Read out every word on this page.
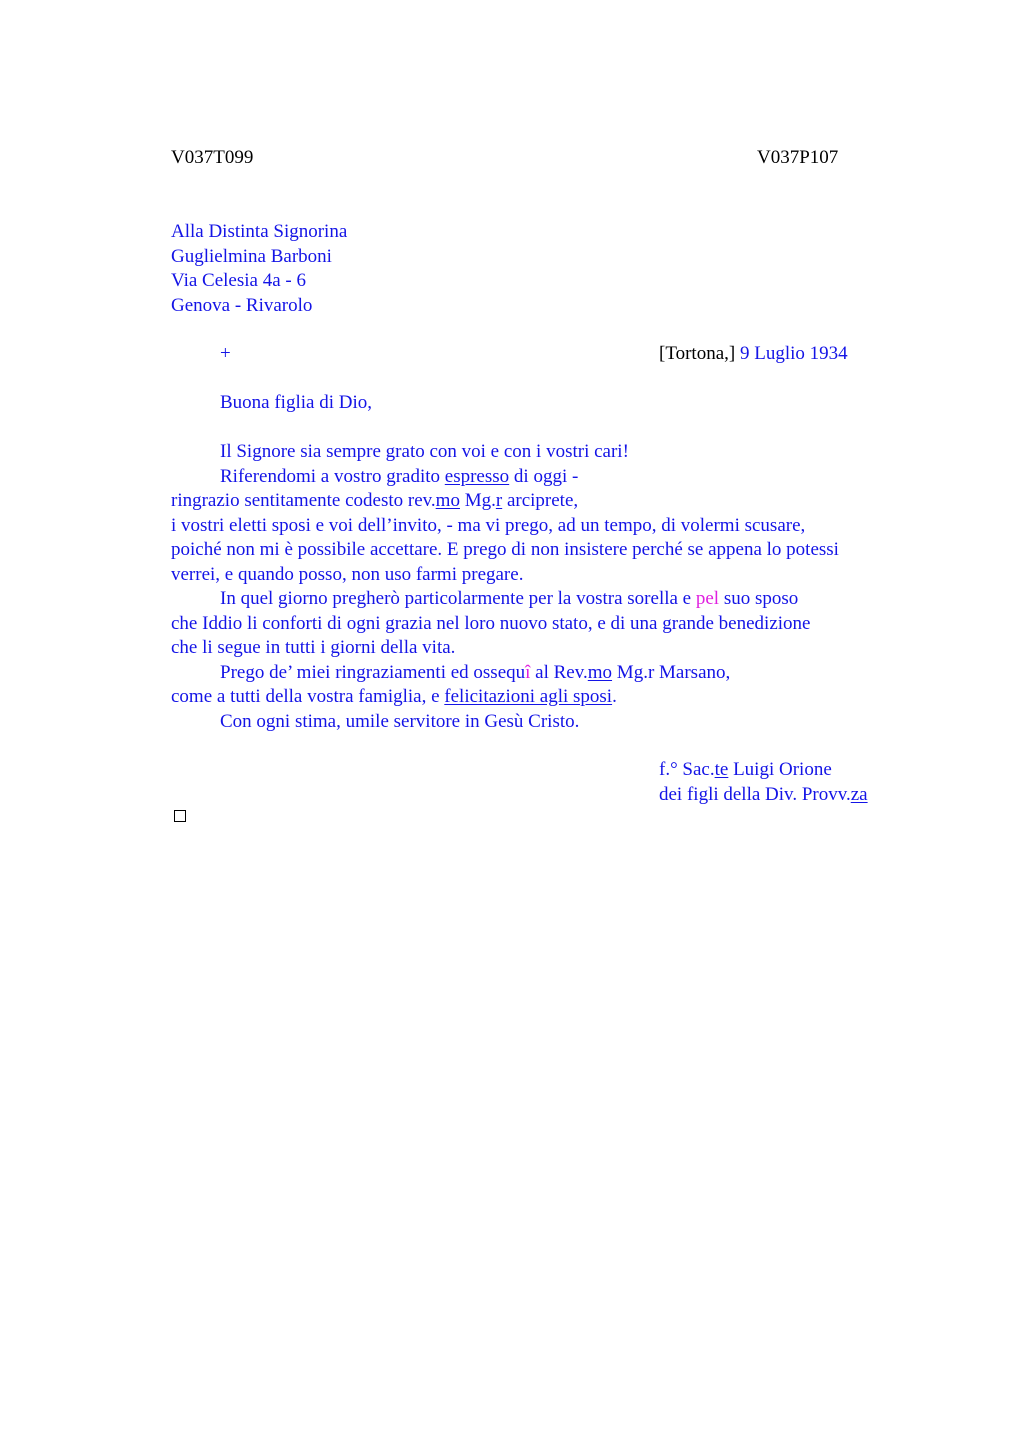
V037T099	V037P107
Alla Distinta Signorina
Guglielmina Barboni
Via Celesia 4a - 6
Genova - Rivarolo
+	[Tortona,] 9 Luglio 1934
Buona figlia di Dio,
Il Signore sia sempre grato con voi e con i vostri cari!
Riferendomi a vostro gradito espresso di oggi -
ringrazio sentitamente codesto rev.mo Mg.r arciprete,
i vostri eletti sposi e voi dell’invito, - ma vi prego, ad un tempo, di volermi scusare,
poiché non mi è possibile accettare. E prego di non insistere perché se appena lo potessi
verrei, e quando posso, non uso farmi pregare.
In quel giorno pregherò particolarmente per la vostra sorella e pel suo sposo
che Iddio li conforti di ogni grazia nel loro nuovo stato, e di una grande benedizione
che li segue in tutti i giorni della vita.
Prego de’ miei ringraziamenti ed ossequî al Rev.mo Mg.r Marsano,
come a tutti della vostra famiglia, e felicitazioni agli sposi.
Con ogni stima, umile servitore in Gesù Cristo.
f.° Sac.te Luigi Orione
dei figli della Div. Provv.za
